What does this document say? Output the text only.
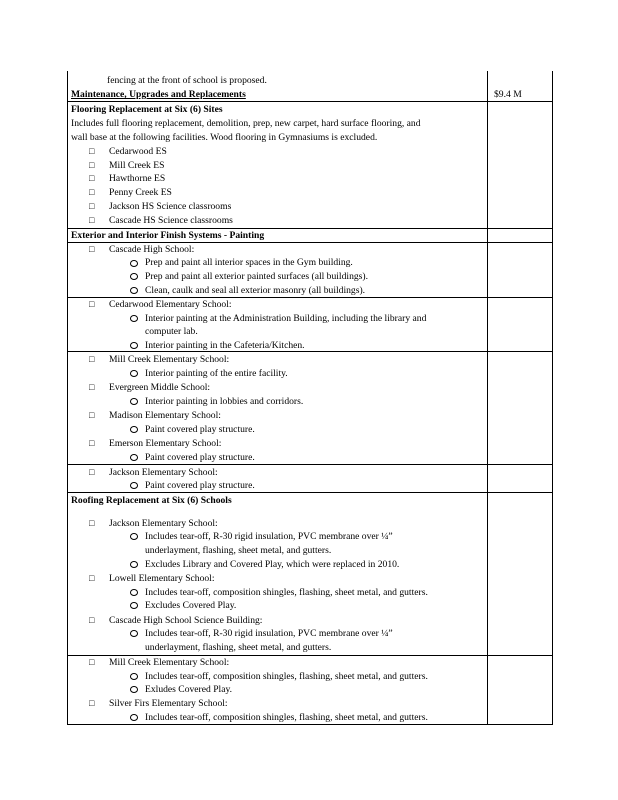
fencing at the front of school is proposed.
Maintenance, Upgrades and Replacements	$9.4 M
Flooring Replacement at Six (6) Sites
Includes full flooring replacement, demolition, prep, new carpet, hard surface flooring, and
wall base at the following facilities. Wood flooring in Gymnasiums is excluded.
□ Cedarwood ES
□ Mill Creek ES
□ Hawthorne ES
□ Penny Creek ES
□ Jackson HS Science classrooms
□ Cascade HS Science classrooms
Exterior and Interior Finish Systems - Painting
□ Cascade High School:
Prep and paint all interior spaces in the Gym building.
Prep and paint all exterior painted surfaces (all buildings).
Clean, caulk and seal all exterior masonry (all buildings).
□ Cedarwood Elementary School:
Interior painting at the Administration Building, including the library and
computer lab.
Interior painting in the Cafeteria/Kitchen.
□ Mill Creek Elementary School:
Interior painting of the entire facility.
□ Evergreen Middle School:
Interior painting in lobbies and corridors.
□ Madison Elementary School:
Paint covered play structure.
□ Emerson Elementary School:
Paint covered play structure.
□ Jackson Elementary School:
Paint covered play structure.
Roofing Replacement at Six (6) Schools
□ Jackson Elementary School:
Includes tear-off, R-30 rigid insulation, PVC membrane over ¼”
underlayment, flashing, sheet metal, and gutters.
Excludes Library and Covered Play, which were replaced in 2010.
□ Lowell Elementary School:
Includes tear-off, composition shingles, flashing, sheet metal, and gutters.
Excludes Covered Play.
□ Cascade High School Science Building:
Includes tear-off, R-30 rigid insulation, PVC membrane over ¼”
underlayment, flashing, sheet metal, and gutters.
□ Mill Creek Elementary School:
Includes tear-off, composition shingles, flashing, sheet metal, and gutters.
Exludes Covered Play.
□ Silver Firs Elementary School:
Includes tear-off, composition shingles, flashing, sheet metal, and gutters.
